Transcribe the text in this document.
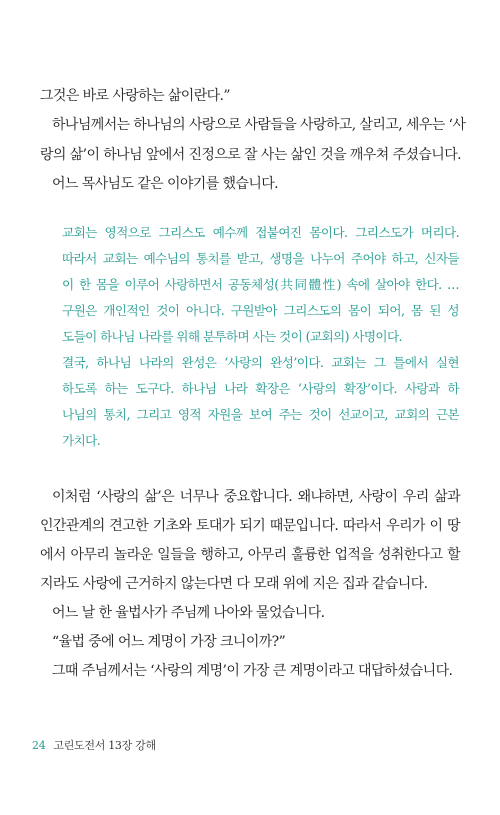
그것은 바로 사랑하는 삶이란다.”
하나님께서는 하나님의 사랑으로 사람들을 사랑하고, 살리고, 세우는 ‘사
랑의 삶’이 하나님 앞에서 진정으로 잘 사는 삶인 것을 깨우쳐 주셨습니다.
어느 목사님도 같은 이야기를 했습니다.
교회는 영적으로 그리스도 예수께 접붙여진 몸이다. 그리스도가 머리다.
따라서 교회는 예수님의 통치를 받고, 생명을 나누어 주어야 하고, 신자들
이 한 몸을 이루어 사랑하면서 공동체성(共同體性) 속에 살아야 한다. …
구원은 개인적인 것이 아니다. 구원받아 그리스도의 몸이 되어, 몸 된 성
도들이 하나님 나라를 위해 분투하며 사는 것이 (교회의) 사명이다.
결국, 하나님 나라의 완성은 ‘사랑의 완성’이다. 교회는 그 틀에서 실현
하도록 하는 도구다. 하나님 나라 확장은 ‘사랑의 확장’이다. 사랑과 하
나님의 통치, 그리고 영적 자원을 보여 주는 것이 선교이고, 교회의 근본
가치다.
이처럼 ‘사랑의 삶’은 너무나 중요합니다. 왜냐하면, 사랑이 우리 삶과
인간관계의 견고한 기초와 토대가 되기 때문입니다. 따라서 우리가 이 땅
에서 아무리 놀라운 일들을 행하고, 아무리 훌륭한 업적을 성취한다고 할
지라도 사랑에 근거하지 않는다면 다 모래 위에 지은 집과 같습니다.
어느 날 한 율법사가 주님께 나아와 물었습니다.
“율법 중에 어느 계명이 가장 크니이까?”
그때 주님께서는 ‘사랑의 계명’이 가장 큰 계명이라고 대답하셨습니다.
24 고린도전서 13장 강해
